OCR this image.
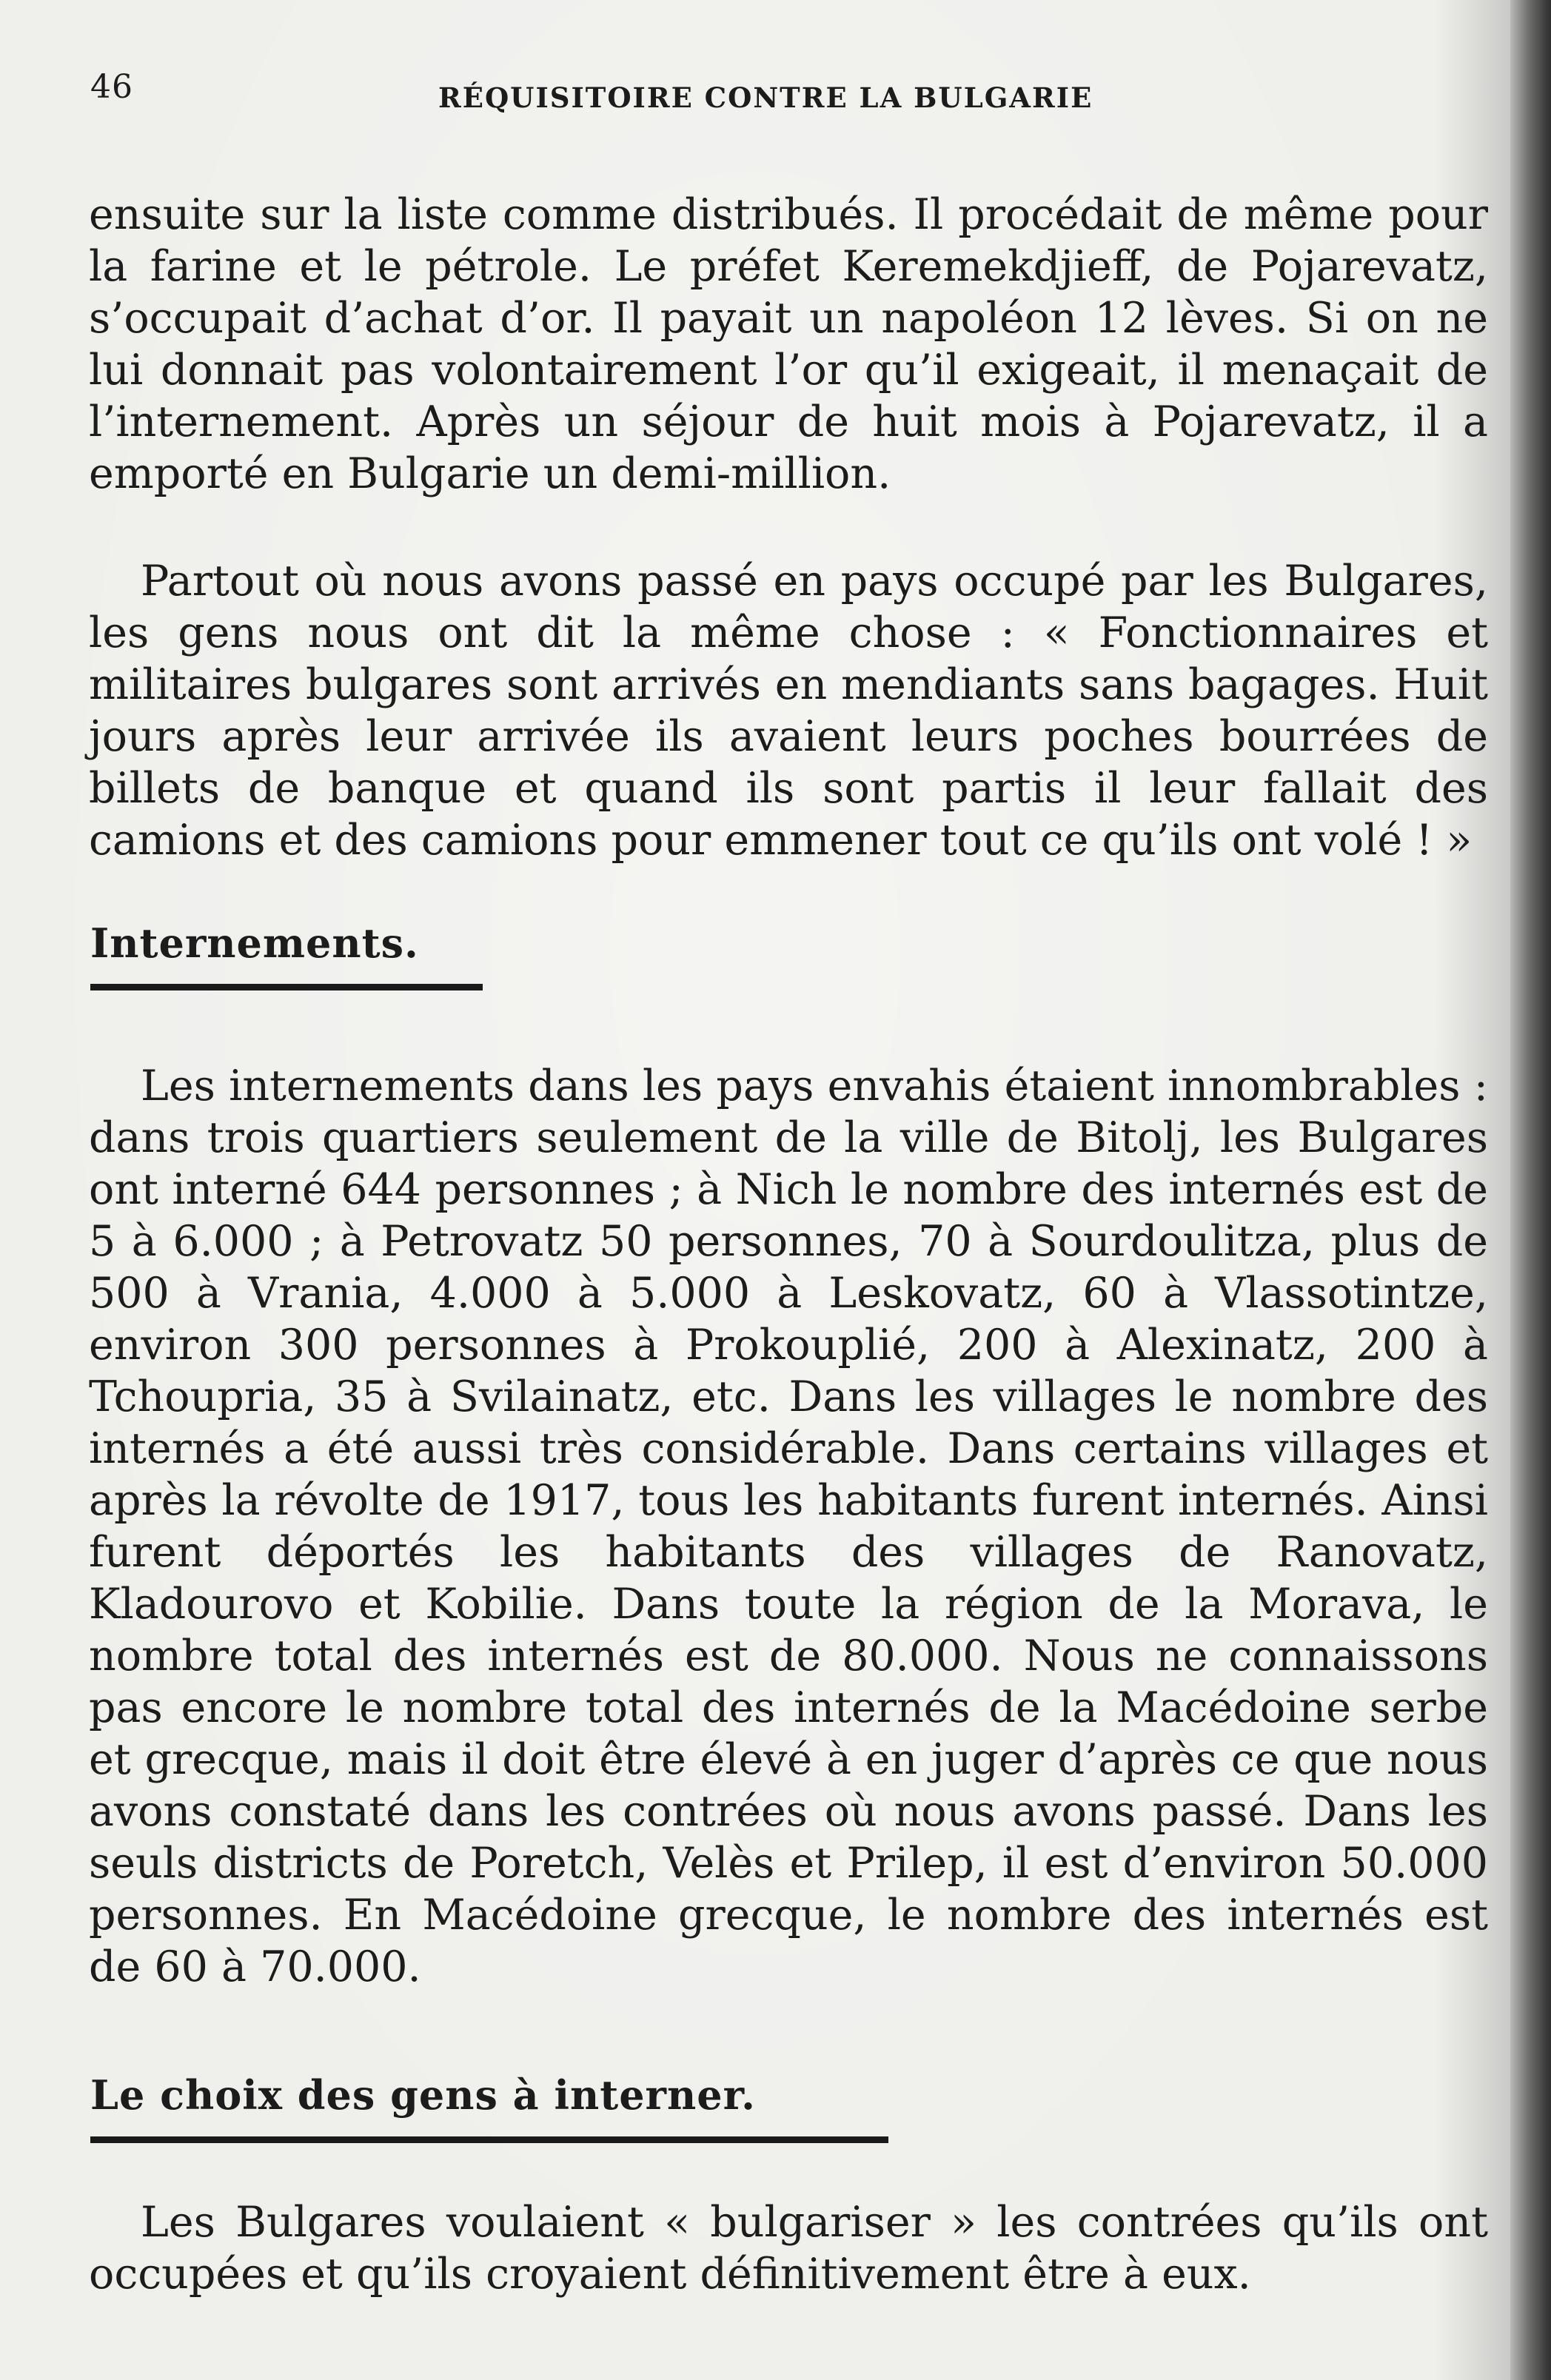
46	RÉQUISITOIRE CONTRE LA BULGARIE

ensuite sur la liste comme distribués. Il procédait de même pour la farine et le pétrole. Le préfet Keremekdjieff, de Pojarevatz, s’occupait d’achat d’or. Il payait un napoléon 12 lèves. Si on ne lui donnait pas volontairement l’or qu’il exigeait, il menaçait de l’internement. Après un séjour de huit mois à Pojarevatz, il a emporté en Bulgarie un demi-million.

Partout où nous avons passé en pays occupé par les Bulgares, les gens nous ont dit la même chose : « Fonctionnaires et militaires bulgares sont arrivés en mendiants sans bagages. Huit jours après leur arrivée ils avaient leurs poches bourrées de billets de banque et quand ils sont partis il leur fallait des camions et des camions pour emmener tout ce qu’ils ont volé ! »

Internements.

Les internements dans les pays envahis étaient innombrables : dans trois quartiers seulement de la ville de Bitolj, les Bulgares ont interné 644 personnes ; à Nich le nombre des internés est de 5 à 6.000 ; à Petrovatz 50 personnes, 70 à Sourdoulitza, plus de 500 à Vrania, 4.000 à 5.000 à Leskovatz, 60 à Vlassotintze, environ 300 personnes à Prokouplié, 200 à Alexinatz, 200 à Tchoupria, 35 à Svilainatz, etc. Dans les villages le nombre des internés a été aussi très considérable. Dans certains villages et après la révolte de 1917, tous les habitants furent internés. Ainsi furent déportés les habitants des villages de Ranovatz, Kladourovo et Kobilie. Dans toute la région de la Morava, le nombre total des internés est de 80.000. Nous ne connaissons pas encore le nombre total des internés de la Macédoine serbe et grecque, mais il doit être élevé à en juger d’après ce que nous avons constaté dans les contrées où nous avons passé. Dans les seuls districts de Poretch, Velès et Prilep, il est d’environ 50.000 personnes. En Macédoine grecque, le nombre des internés est de 60 à 70.000.

Le choix des gens à interner.

Les Bulgares voulaient « bulgariser » les contrées qu’ils ont occupées et qu’ils croyaient définitivement être à eux.
